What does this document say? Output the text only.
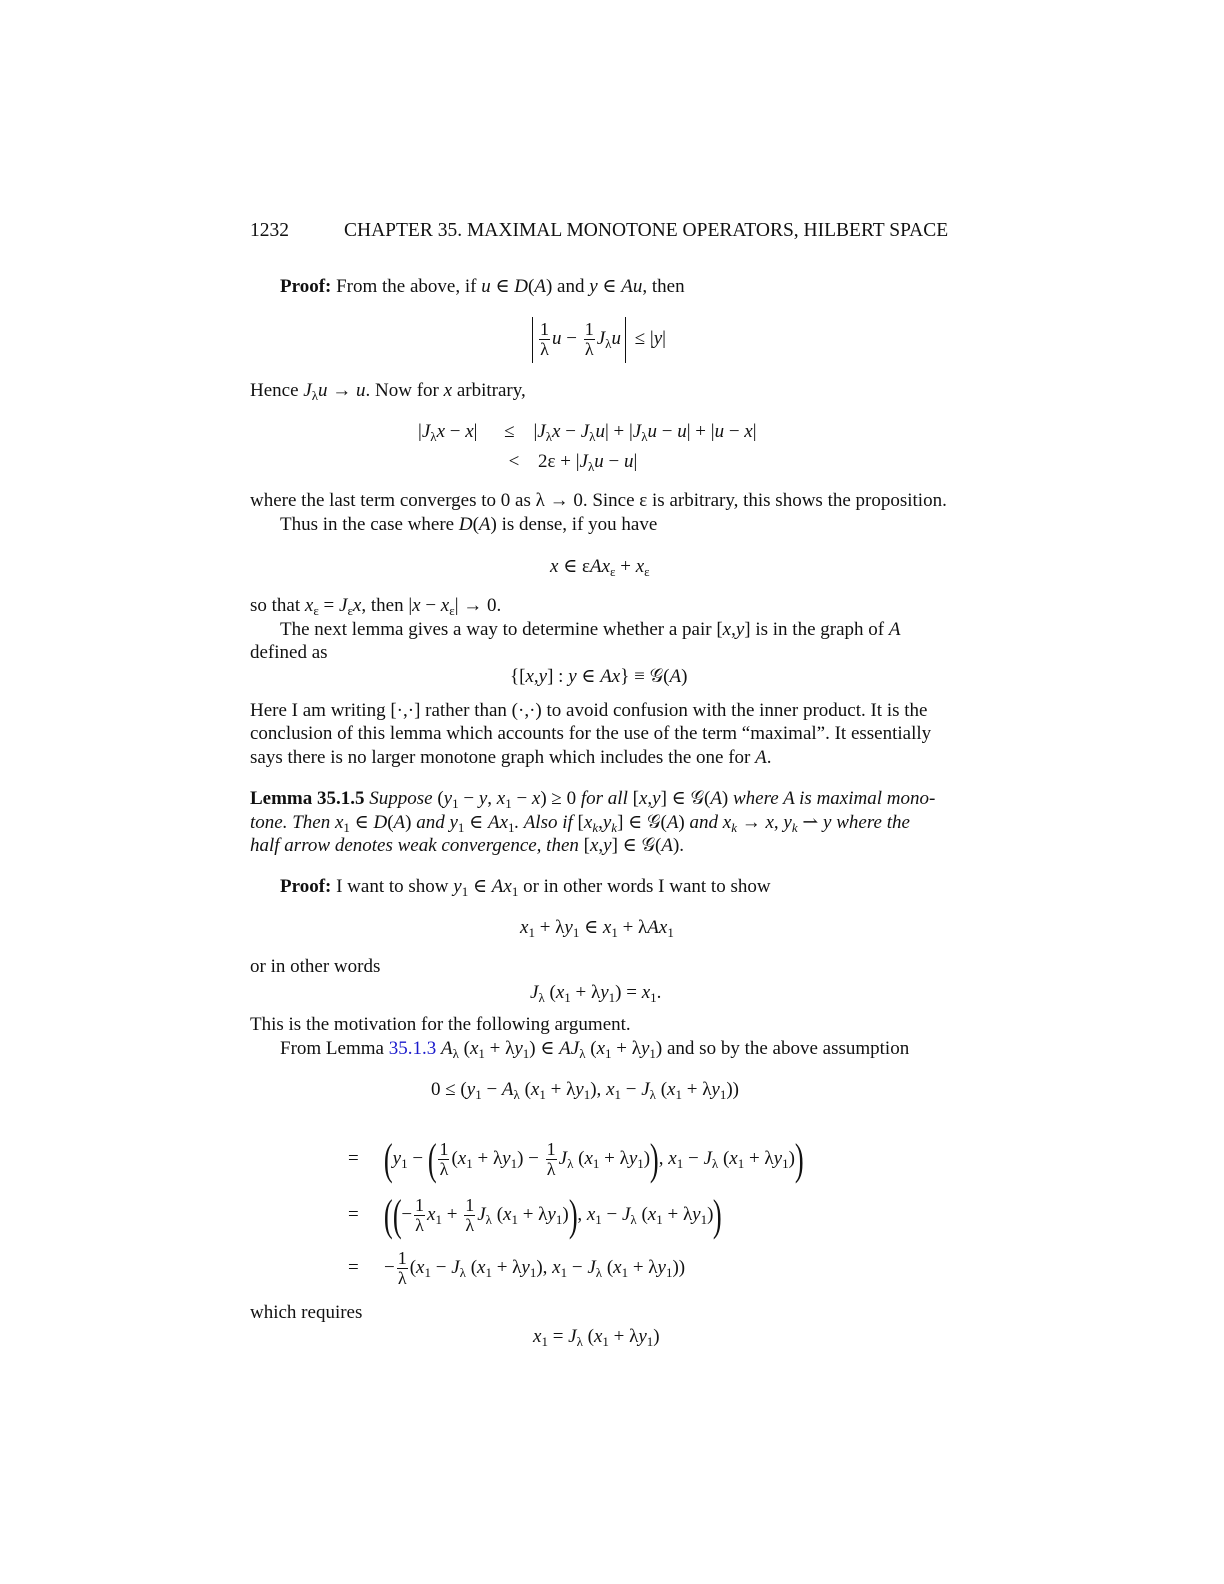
1232	CHAPTER 35. MAXIMAL MONOTONE OPERATORS, HILBERT SPACE
Proof: From the above, if u ∈ D(A) and y ∈ Au, then
$\frac{1}{\lambda}$ $u - \frac{1}{\lambda} J_\lambda u \le |y|$
Hence $J_\lambda u \to u$. Now for x arbitrary,
$|J_\lambda x - x| \le |J_\lambda x - J_\lambda u| + |J_\lambda u - u| + |u - x|$
< $2\varepsilon + |J_\lambda u - u|$
where the last term converges to 0 as λ → 0. Since ε is arbitrary, this shows the proposition.
Thus in the case where D(A) is dense, if you have
x ∈ $\varepsilon Ax_\varepsilon + x_\varepsilon$
so that $x_\varepsilon = J_\varepsilon x$, then $|x - x_\varepsilon| \to 0$.
The next lemma gives a way to determine whether a pair [x,y] is in the graph of A
defined as
{[x,y] : y ∈ Ax} ≡ 𝒢(A)
Here I am writing [·,·] rather than (·,·) to avoid confusion with the inner product. It is the
conclusion of this lemma which accounts for the use of the term “maximal”. It essentially
says there is no larger monotone graph which includes the one for A.
Lemma 35.1.5 Suppose ($y_1 - y$, $x_1 - x) \ge 0$ for all [x,y] ∈ 𝒢(A) where A is maximal mono-
tone. Then $x_1$ ∈ D(A) and $y_1$ ∈ $Ax_1$. Also if $[x_k,y_k]$ ∈ 𝒢(A) and $x_k \to x$, $y_k$ ⇀ y where the
half arrow denotes weak convergence, then [x,y] ∈ 𝒢(A).
Proof: I want to show $y_1$ ∈ $Ax_1$ or in other words I want to show
$x_1 + \lambda y_1$ ∈ $x_1 + \lambda Ax_1$
or in other words
$J_\lambda$ $(x_1 + \lambda y_1) = x_1$.
This is the motivation for the following argument.
From Lemma 35.1.3 $A_\lambda$ $(x_1 + \lambda y_1)$ ∈ $AJ_\lambda$ $(x_1 + \lambda y_1)$ and so by the above assumption
$0 \le (y_1 - A_\lambda$ $(x_1 + \lambda y_1)$, $x_1 - J_\lambda$ $(x_1 + \lambda y_1)$)
= ($y_1$ − ( $\frac{1}{\lambda} (x_1 + \lambda y_1) - \frac{1}{\lambda} J_\lambda$ $(x_1 + \lambda y_1)$), $x_1 - J_\lambda$ $(x_1 + \lambda y_1)$)
= ((− $\frac{1}{\lambda} x_1 + \frac{1}{\lambda} J_\lambda$ $(x_1 + \lambda y_1)$), $x_1 - J_\lambda$ $(x_1 + \lambda y_1)$)
= − $\frac{1}{\lambda} (x_1 - J_\lambda$ $(x_1 + \lambda y_1)$, $x_1 - J_\lambda$ $(x_1 + \lambda y_1)$)
which requires
$x_1 = J_\lambda$ $(x_1 + \lambda y_1)$
